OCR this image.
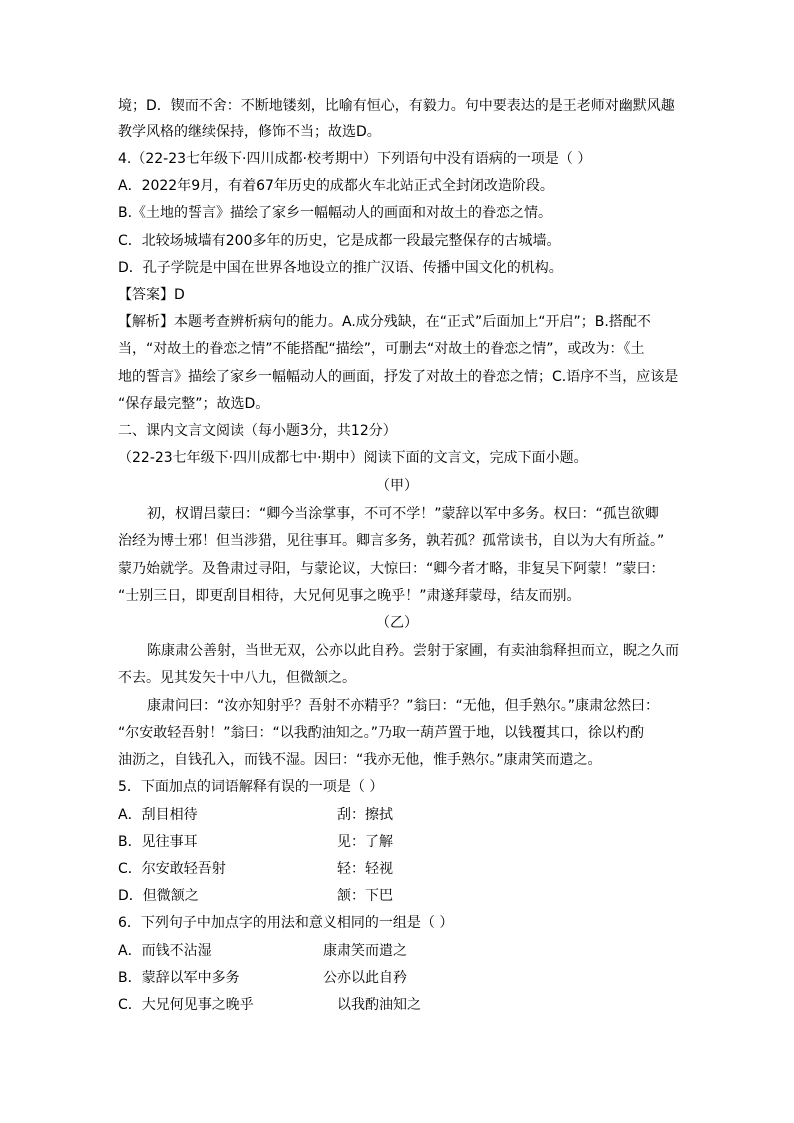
境；D．锲而不舍：不断地镂刻，比喻有恒心，有毅力。句中要表达的是王老师对幽默风趣
教学风格的继续保持，修饰不当；故选D。
4.（22-23七年级下·四川成都·校考期中）下列语句中没有语病的一项是（ ）
A．2022年9月，有着67年历史的成都火车北站正式全封闭改造阶段。
B.《土地的誓言》描绘了家乡一幅幅动人的画面和对故土的眷恋之情。
C．北较场城墙有200多年的历史，它是成都一段最完整保存的古城墙。
D．孔子学院是中国在世界各地设立的推广汉语、传播中国文化的机构。
【答案】D
【解析】本题考查辨析病句的能力。A.成分残缺，在“正式”后面加上“开启”；B.搭配不
当，“对故土的眷恋之情”不能搭配“描绘”，可删去“对故土的眷恋之情”，或改为：《土
地的誓言》描绘了家乡一幅幅动人的画面，抒发了对故土的眷恋之情；C.语序不当，应该是
“保存最完整”；故选D。
二、课内文言文阅读（每小题3分，共12分）
（22-23七年级下·四川成都七中·期中）阅读下面的文言文，完成下面小题。
（甲）
初，权谓吕蒙曰：“卿今当涂掌事，不可不学！”蒙辞以军中多务。权曰：“孤岂欲卿
治经为博士邪！但当涉猎，见往事耳。卿言多务，孰若孤？孤常读书，自以为大有所益。”
蒙乃始就学。及鲁肃过寻阳，与蒙论议，大惊曰：“卿今者才略，非复吴下阿蒙！”蒙曰：
“士别三日，即更刮目相待，大兄何见事之晚乎！”肃遂拜蒙母，结友而别。
（乙）
陈康肃公善射，当世无双，公亦以此自矜。尝射于家圃，有卖油翁释担而立，睨之久而
不去。见其发矢十中八九，但微颔之。
康肃问曰：“汝亦知射乎？吾射不亦精乎？”翁曰：“无他，但手熟尔。”康肃忿然曰：
“尔安敢轻吾射！”翁曰：“以我酌油知之。”乃取一葫芦置于地，以钱覆其口，徐以杓酌
油沥之，自钱孔入，而钱不湿。因曰：“我亦无他，惟手熟尔。”康肃笑而遣之。
5．下面加点的词语解释有误的一项是（ ）
A．刮目相待	刮：擦拭
B．见往事耳	见：了解
C．尔安敢轻吾射	轻：轻视
D．但微颔之	颔：下巴
6．下列句子中加点字的用法和意义相同的一组是（ ）
A．而钱不沾湿	康肃笑而遣之
B．蒙辞以军中多务	公亦以此自矜
C．大兄何见事之晚乎	以我酌油知之
